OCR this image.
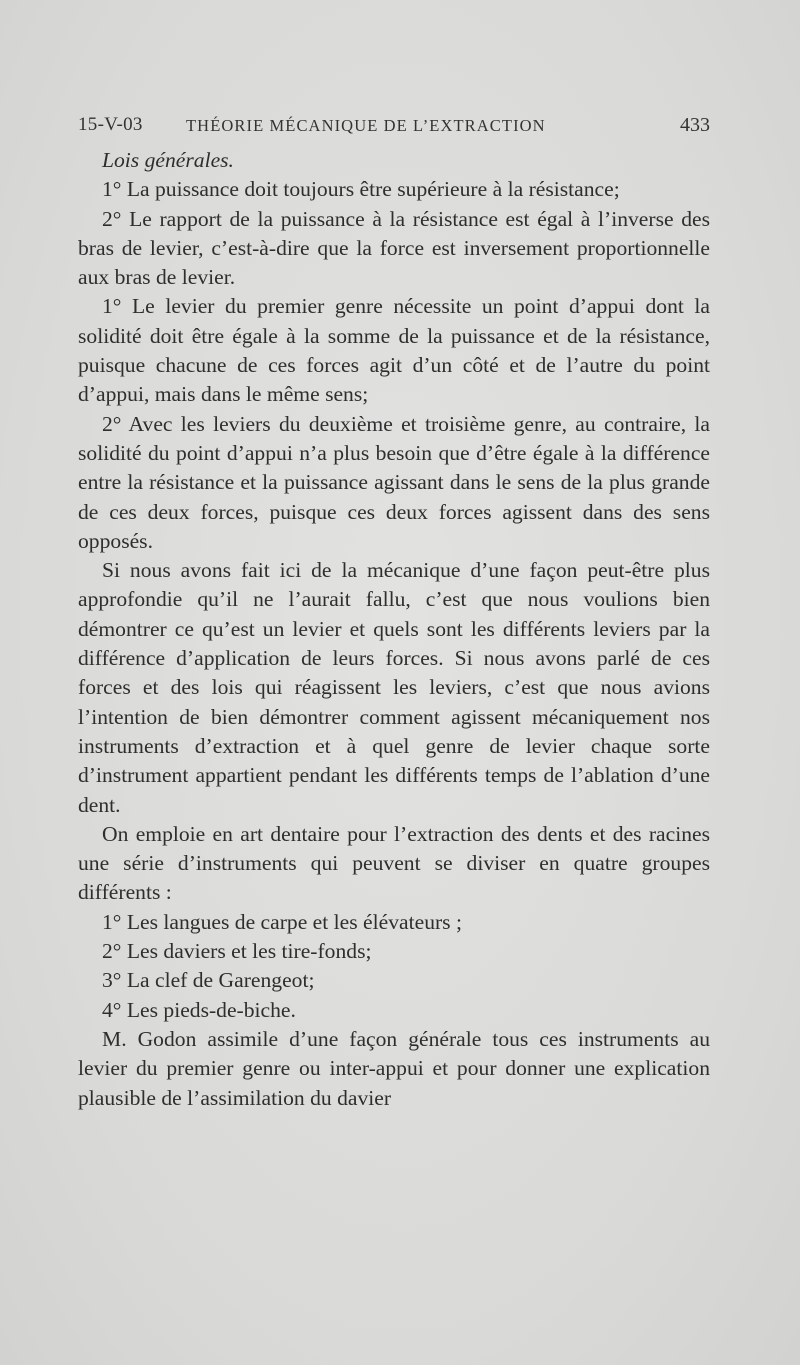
15-V-03	THÉORIE MÉCANIQUE DE L’EXTRACTION	433

Lois générales.

1° La puissance doit toujours être supérieure à la résistance;

2° Le rapport de la puissance à la résistance est égal à l’inverse des bras de levier, c’est-à-dire que la force est inversement proportionnelle aux bras de levier.

1° Le levier du premier genre nécessite un point d’appui dont la solidité doit être égale à la somme de la puissance et de la résistance, puisque chacune de ces forces agit d’un côté et de l’autre du point d’appui, mais dans le même sens;

2° Avec les leviers du deuxième et troisième genre, au contraire, la solidité du point d’appui n’a plus besoin que d’être égale à la différence entre la résistance et la puissance agissant dans le sens de la plus grande de ces deux forces, puisque ces deux forces agissent dans des sens opposés.

Si nous avons fait ici de la mécanique d’une façon peut-être plus approfondie qu’il ne l’aurait fallu, c’est que nous voulions bien démontrer ce qu’est un levier et quels sont les différents leviers par la différence d’application de leurs forces. Si nous avons parlé de ces forces et des lois qui réagissent les leviers, c’est que nous avions l’intention de bien démontrer comment agissent mécaniquement nos instruments d’extraction et à quel genre de levier chaque sorte d’instrument appartient pendant les différents temps de l’ablation d’une dent.

On emploie en art dentaire pour l’extraction des dents et des racines une série d’instruments qui peuvent se diviser en quatre groupes différents :

1° Les langues de carpe et les élévateurs ;

2° Les daviers et les tire-fonds;

3° La clef de Garengeot;

4° Les pieds-de-biche.

M. Godon assimile d’une façon générale tous ces instruments au levier du premier genre ou inter-appui et pour donner une explication plausible de l’assimilation du davier
